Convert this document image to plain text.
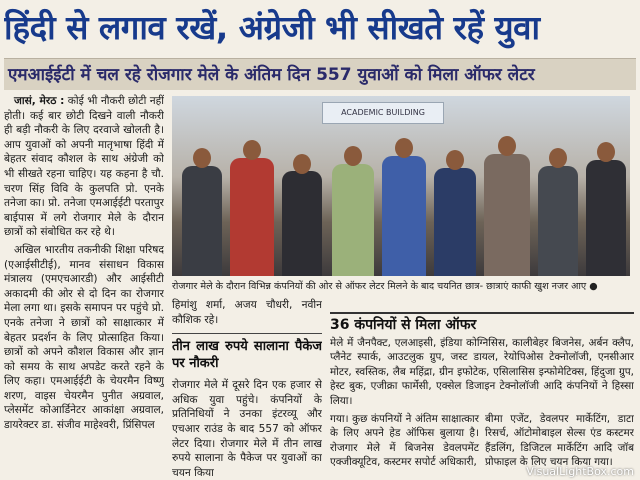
हिंदी से लगाव रखें, अंग्रेजी भी सीखते रहें युवा
एमआईईटी में चल रहे रोजगार मेले के अंतिम दिन 557 युवाओं को मिला ऑफर लेटर

जासं, मेरठ : कोई भी नौकरी छोटी नहीं होती। कई बार छोटी दिखने वाली नौकरी ही बड़ी नौकरी के लिए दरवाजे खोलती है। आप युवाओं को अपनी मातृभाषा हिंदी में बेहतर संवाद कौशल के साथ अंग्रेजी को भी सीखते रहना चाहिए। यह कहना है चौ. चरण सिंह विवि के कुलपति प्रो. एनके तनेजा का। प्रो. तनेजा एमआईईटी परतापुर बाईपास में लगे रोजगार मेले के दौरान छात्रों को संबोधित कर रहे थे।

अखिल भारतीय तकनीकी शिक्षा परिषद (एआईसीटीई), मानव संसाधन विकास मंत्रालय (एमएचआरडी) और आईसीटी अकादमी की ओर से दो दिन का रोजगार मेला लगा था। इसके समापन पर पहुंचे प्रो. एनके तनेजा ने छात्रों को साक्षात्कार में बेहतर प्रदर्शन के लिए प्रोत्साहित किया। छात्रों को अपने कौशल विकास और ज्ञान को समय के साथ अपडेट करते रहने के लिए कहा। एमआईईटी के चेयरमैन विष्णु शरण, वाइस चेयरमैन पुनीत अग्रवाल, प्लेसमेंट कोआर्डिनेटर आकांक्षा अग्रवाल, डायरेक्टर डा. संजीव माहेश्वरी, प्रिंसिपल

ACADEMIC BUILDING
रोजगार मेले के दौरान विभिन्न कंपनियों की ओर से ऑफर लेटर मिलने के बाद चयनित छात्र- छात्राएं काफी खुश नजर आए ●

हिमांशु शर्मा, अजय चौधरी, नवीन कौशिक रहे।

तीन लाख रुपये सालाना पैकेज पर नौकरी

रोजगार मेले में दूसरे दिन एक हजार से अधिक युवा पहुंचे। कंपनियों के प्रतिनिधियों ने उनका इंटरव्यू और एचआर राउंड के बाद 557 को ऑफर लेटर दिया। रोजगार मेले में तीन लाख रुपये सालाना के पैकेज पर युवाओं का चयन किया

36 कंपनियों से मिला ऑफर
मेले में जैनपैक्ट, एलआइसी, इंडिया कोग्निसिस, कालीबेहर बिजनेस, अर्बन क्लैप, प्लैनेट स्पार्क, आउटलुक ग्रुप, जस्ट डायल, रेयोपिओस टेक्नोलॉजी, एनसीआर मोटर, स्वस्तिक, लैब महिंद्रा, ग्रीन इफोटेक, एसिलासिस इन्फोमेटिक्स, हिंदुजा ग्रुप, हेस्ट बुक, एजीक्रा फार्मेसी, एक्सेल डिजाइन टेक्नोलॉजी आदि कंपनियों ने हिस्सा लिया।
गया। कुछ कंपनियों ने अंतिम साक्षात्कार के लिए अपने हेड ऑफिस बुलाया है। रोजगार मेले में बिजनेस डेवलपमेंट एक्जीक्यूटिव, कस्टमर सपोर्ट अधिकारी,
बीमा एजेंट, डेवलपर मार्केटिंग, डाटा रिसर्च, ऑटोमोबाइल सेल्स एंड कस्टमर हैंडलिंग, डिजिटल मार्केटिंग आदि जॉब प्रोफाइल के लिए चयन किया गया।
VisualLightBox.com
